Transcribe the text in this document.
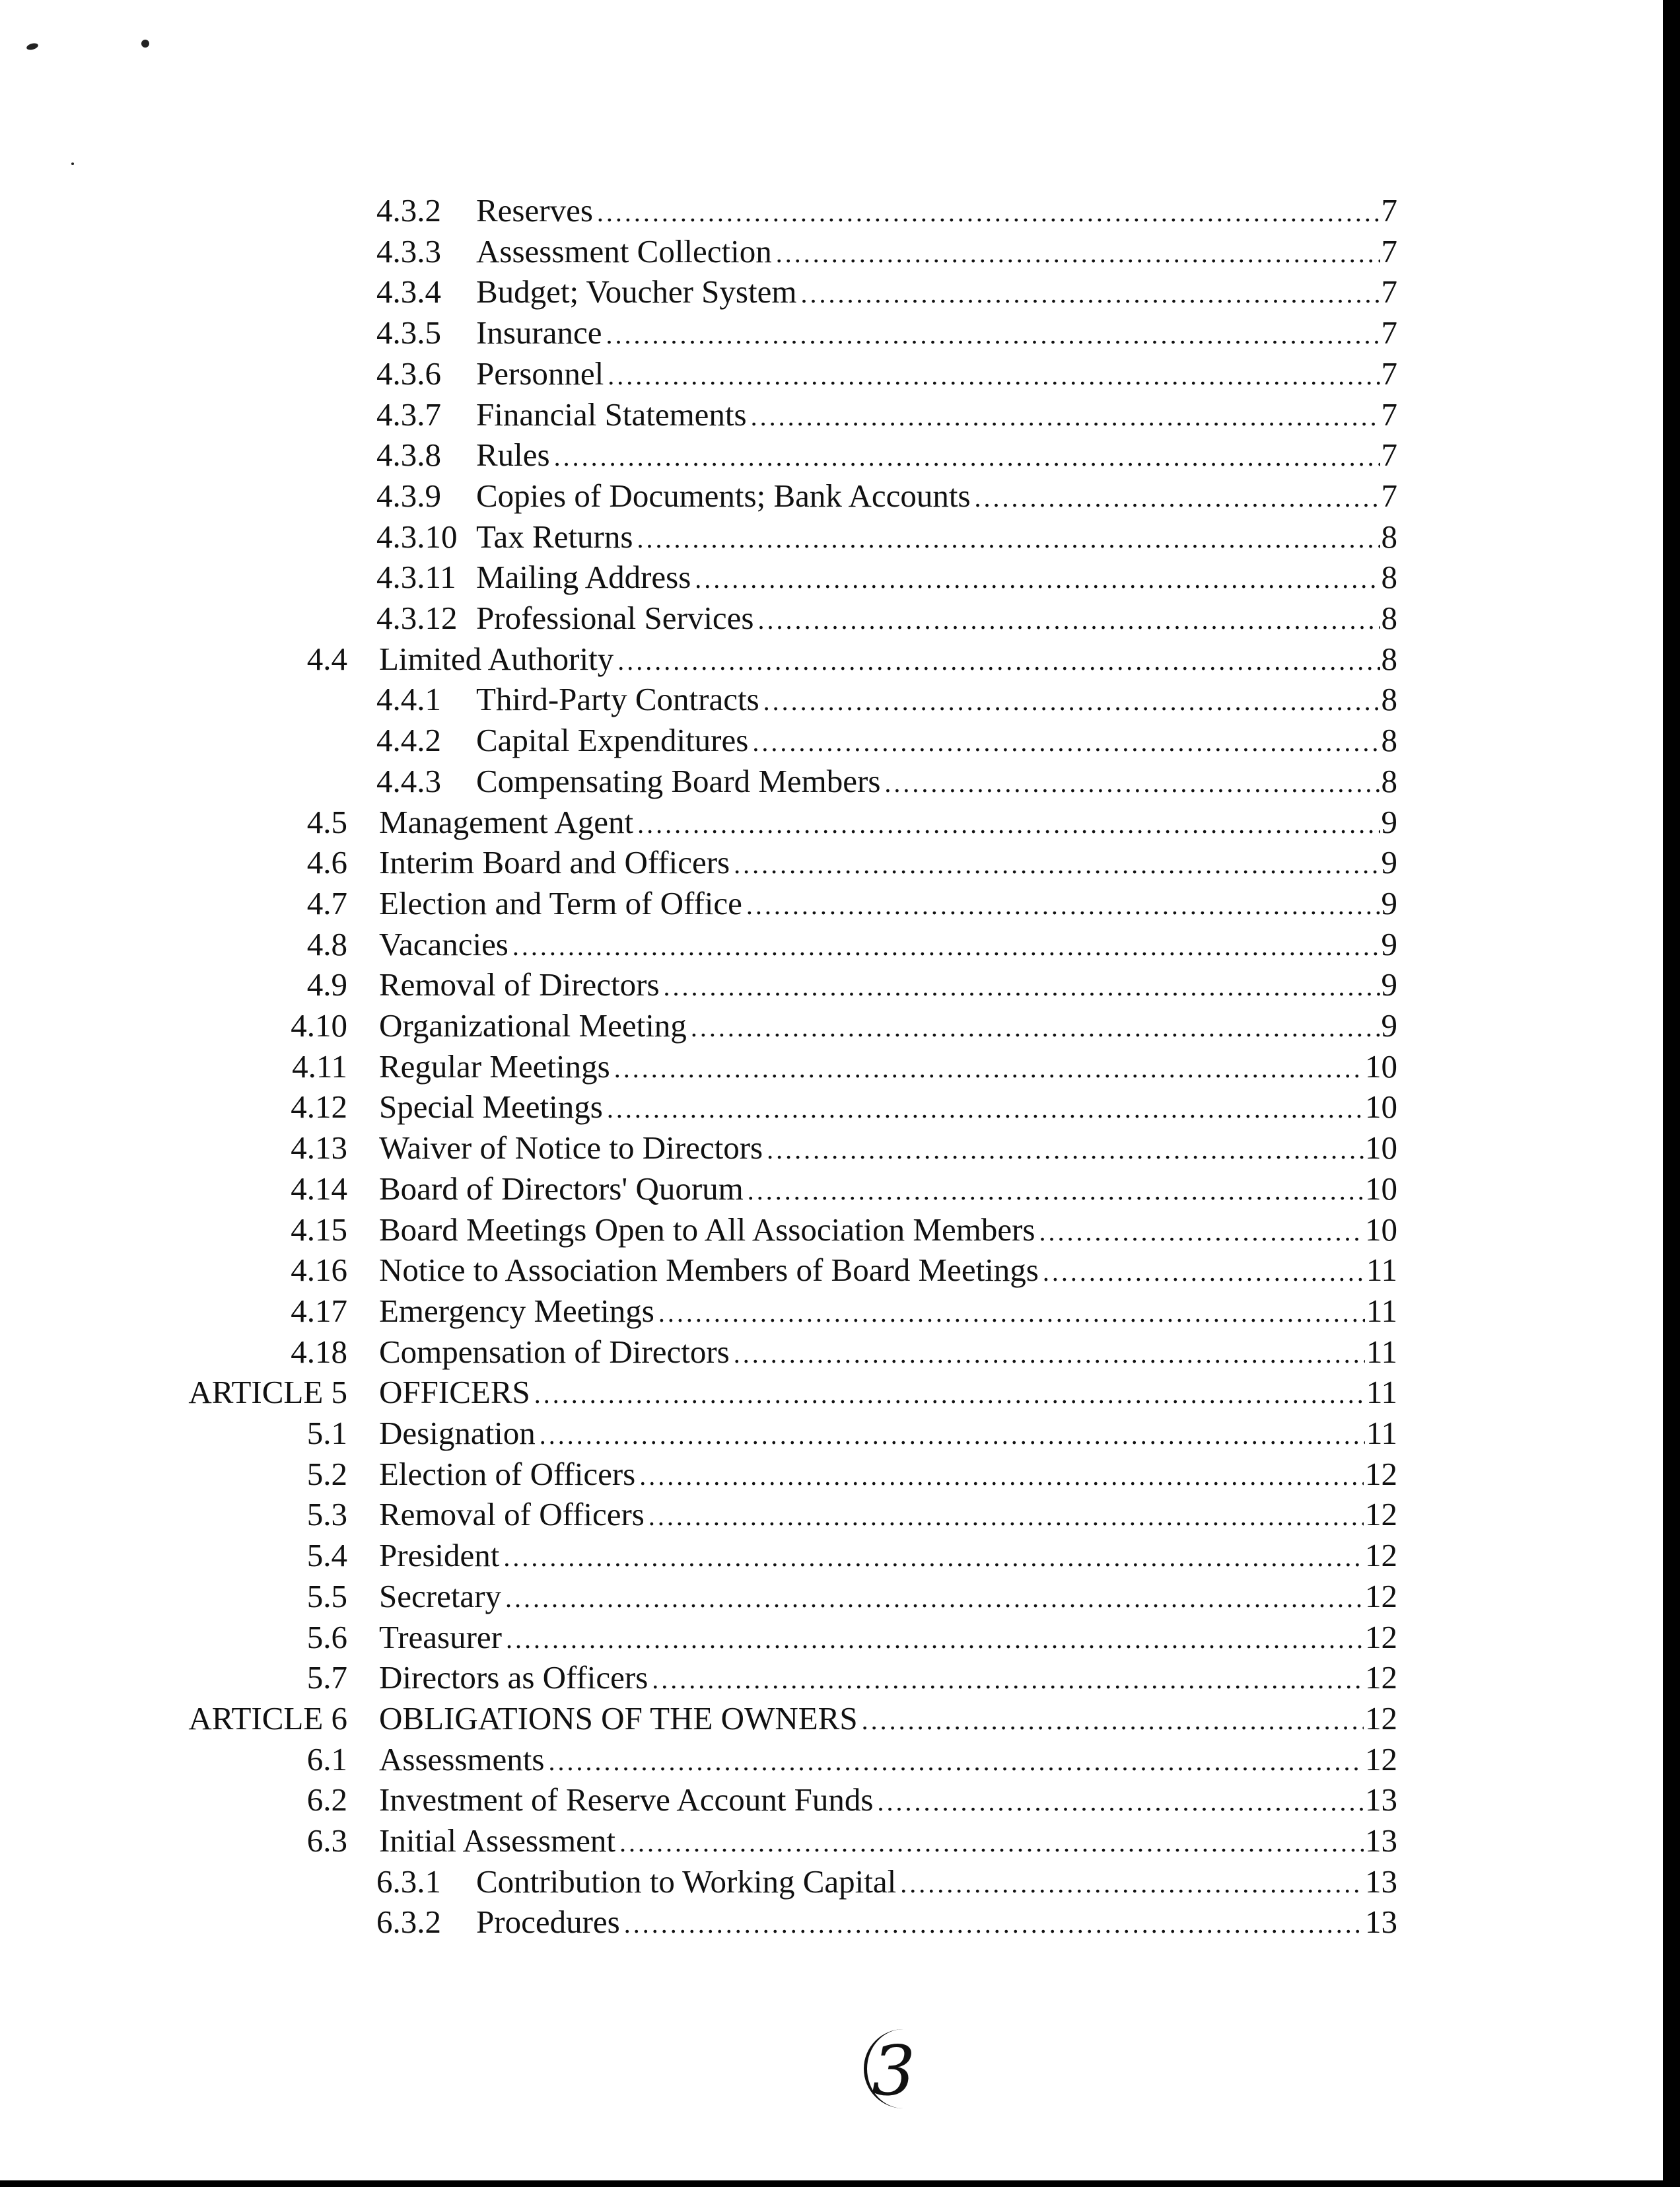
4.3.2 Reserves . . .	7
4.3.3 Assessment Collection . . .	7
4.3.4 Budget; Voucher System . . .	7
4.3.5 Insurance . . .	7
4.3.6 Personnel . . .	7
4.3.7 Financial Statements . . .	7
4.3.8 Rules . . .	7
4.3.9 Copies of Documents; Bank Accounts . . .	7
4.3.10 Tax Returns . . .	8
4.3.11 Mailing Address . . .	8
4.3.12 Professional Services . . .	8
4.4 Limited Authority . . .	8
4.4.1 Third-Party Contracts . . .	8
4.4.2 Capital Expenditures . . .	8
4.4.3 Compensating Board Members . . .	8
4.5 Management Agent . . .	9
4.6 Interim Board and Officers . . .	9
4.7 Election and Term of Office . . .	9
4.8 Vacancies . . .	9
4.9 Removal of Directors . . .	9
4.10 Organizational Meeting . . .	9
4.11 Regular Meetings . . .	10
4.12 Special Meetings . . .	10
4.13 Waiver of Notice to Directors . . .	10
4.14 Board of Directors' Quorum . . .	10
4.15 Board Meetings Open to All Association Members . . .	10
4.16 Notice to Association Members of Board Meetings . . .	11
4.17 Emergency Meetings . . .	11
4.18 Compensation of Directors . . .	11
ARTICLE 5 OFFICERS . . .	11
5.1 Designation . . .	11
5.2 Election of Officers . . .	12
5.3 Removal of Officers . . .	12
5.4 President . . .	12
5.5 Secretary . . .	12
5.6 Treasurer . . .	12
5.7 Directors as Officers . . .	12
ARTICLE 6 OBLIGATIONS OF THE OWNERS . . .	12
6.1 Assessments . . .	12
6.2 Investment of Reserve Account Funds . . .	13
6.3 Initial Assessment . . .	13
6.3.1 Contribution to Working Capital . . .	13
6.3.2 Procedures . . .	13
3
